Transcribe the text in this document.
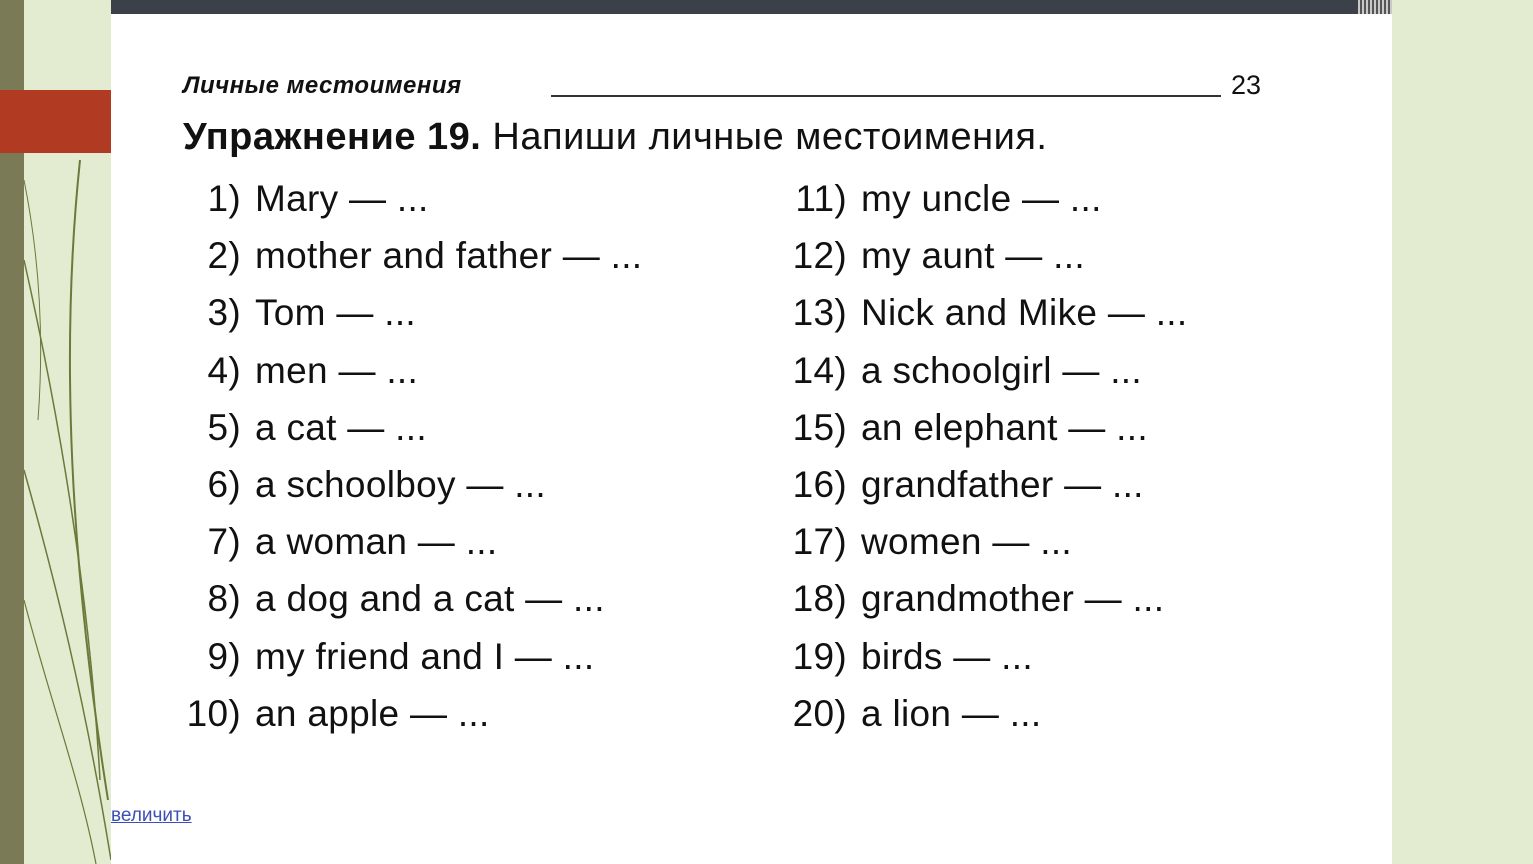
Личные местоимения	23
Упражнение 19. Напиши личные местоимения.
1) Mary — ...
2) mother and father — ...
3) Tom — ...
4) men — ...
5) a cat — ...
6) a schoolboy — ...
7) a woman — ...
8) a dog and a cat — ...
9) my friend and I — ...
10) an apple — ...
11) my uncle — ...
12) my aunt — ...
13) Nick and Mike — ...
14) a schoolgirl — ...
15) an elephant — ...
16) grandfather — ...
17) women — ...
18) grandmother — ...
19) birds — ...
20) a lion — ...
величить
